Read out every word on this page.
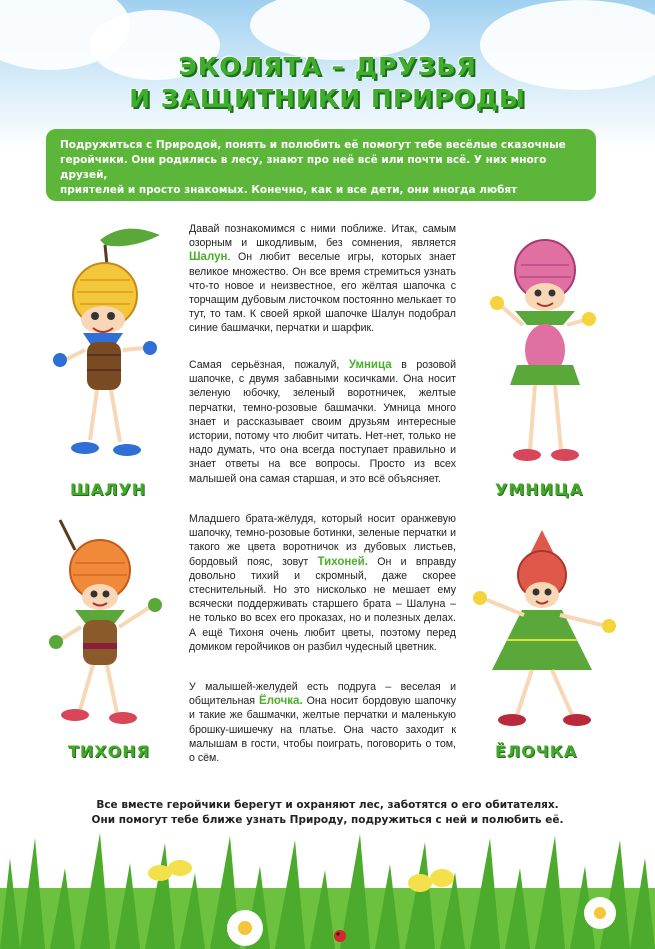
ЭКОЛЯТА – ДРУЗЬЯ
И ЗАЩИТНИКИ ПРИРОДЫ
Подружиться с Природой, понять и полюбить её помогут тебе весёлые сказочные
геройчики. Они родились в лесу, знают про неё всё или почти всё. У них много друзей,
приятелей и просто знакомых. Конечно, как и все дети, они иногда любят пошалить.
Давай познакомимся с ними поближе. Итак, самым озорным и шкодливым, без сомнения, является Шалун. Он любит веселые игры, которых знает великое множество. Он все время стремиться узнать что-то новое и неизвестное, его жёлтая шапочка с торчащим дубовым листочком постоянно мелькает то тут, то там. К своей яркой шапочке Шалун подобрал синие башмачки, перчатки и шарфик.
Самая серьёзная, пожалуй, Умница в розовой шапочке, с двумя забавными косичками. Она носит зеленую юбочку, зеленый воротничек, желтые перчатки, темно-розовые башмачки. Умница много знает и рассказывает своим друзьям интересные истории, потому что любит читать. Нет-нет, только не надо думать, что она всегда поступает правильно и знает ответы на все вопросы. Просто из всех малышей она самая старшая, и это всё объясняет.
Младшего брата-жёлудя, который носит оранжевую шапочку, темно-розовые ботинки, зеленые перчатки и такого же цвета воротничок из дубовых листьев, бордовый пояс, зовут Тихоней. Он и вправду довольно тихий и скромный, даже скорее стеснительный. Но это нисколько не мешает ему всячески поддерживать старшего брата – Шалуна – не только во всех его проказах, но и полезных делах. А ещё Тихоня очень любит цветы, поэтому перед домиком геройчиков он разбил чудесный цветник.
У малышей-желудей есть подруга – веселая и общительная Ёлочка. Она носит бордовую шапочку и такие же башмачки, желтые перчатки и маленькую брошку-шишечку на платье. Она часто заходит к малышам в гости, чтобы поиграть, поговорить о том, о сём.
ШАЛУН	УМНИЦА
ТИХОНЯ	ЁЛОЧКА
Все вместе геройчики берегут и охраняют лес, заботятся о его обитателях.
Они помогут тебе ближе узнать Природу, подружиться с ней и полюбить её.
